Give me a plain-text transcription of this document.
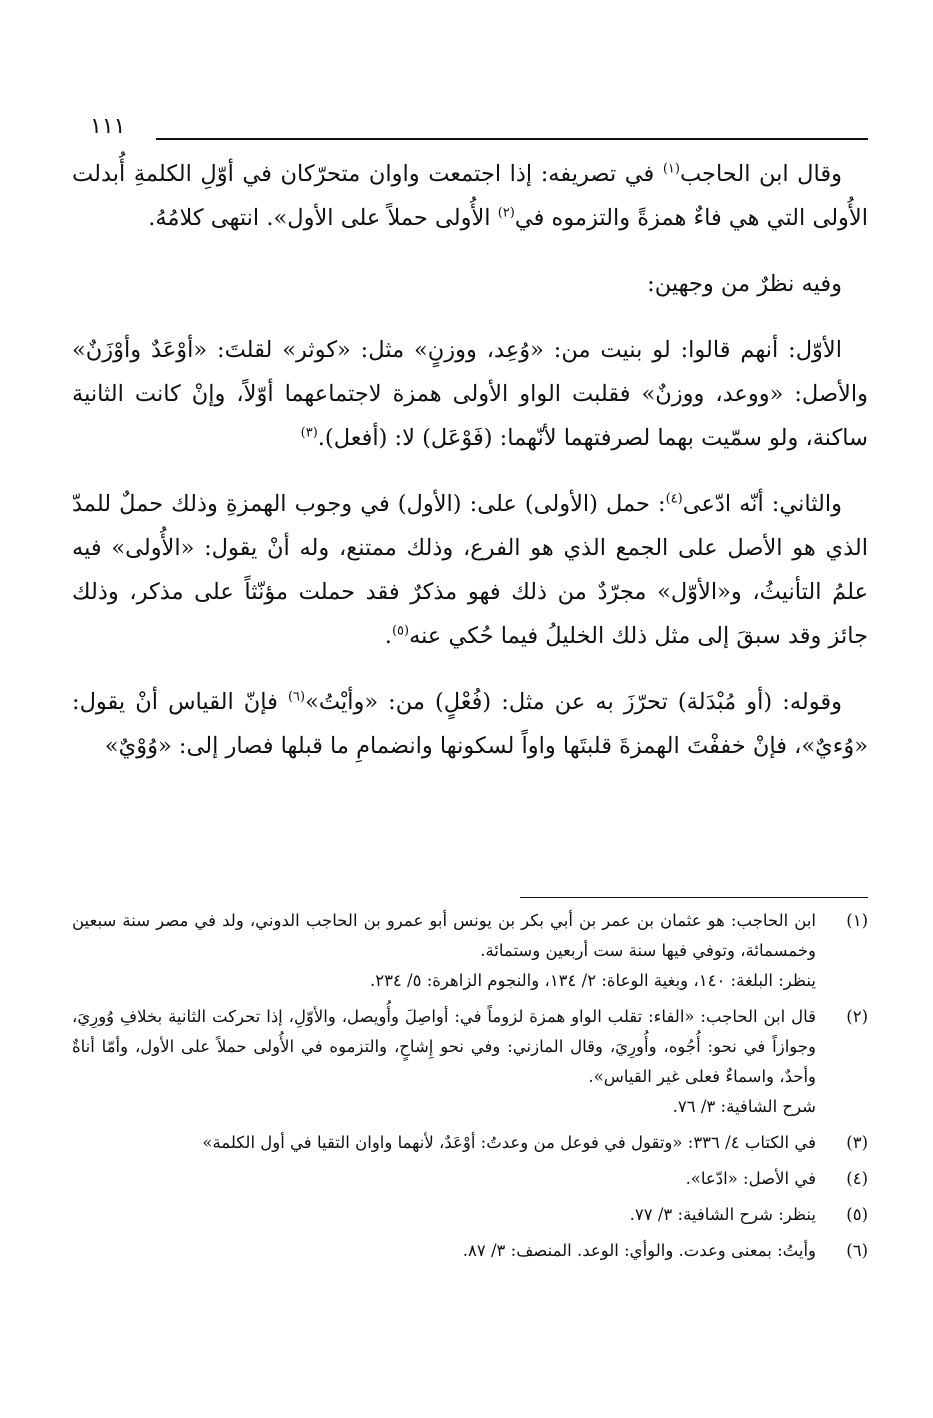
١١١

وقال ابن الحاجب$^{(١)}$ في تصريفه: إذا اجتمعت واوان متحرّكان في أوّلِ الكلمةِ أُبدلت الأُولى التي هي فاءٌ همزةً والتزموه في$^{(٢)}$ الأُولى حملاً على الأول». انتهى كلامُهُ.

وفيه نظرٌ من وجهين:

الأوّل: أنهم قالوا: لو بنيت من: «وُعِد، ووزنٍ» مثل: «كوثر» لقلتَ: «أوْعَدٌ وأوْزَنٌ» والأصل: «ووعد، ووزنٌ» فقلبت الواو الأولى همزة لاجتماعهما أوّلاً، وإنْ كانت الثانية ساكنة، ولو سمّيت بهما لصرفتهما لأنّهما: (فَوْعَل) لا: (أفعل).$^{(٣)}$

والثاني: أنّه ادّعى$^{(٤)}$: حمل (الأولى) على: (الأول) في وجوب الهمزةِ وذلك حملٌ للمدّ الذي هو الأصل على الجمع الذي هو الفرع، وذلك ممتنع، وله أنْ يقول: «الأُولى» فيه علمُ التأنيثُ، و«الأوّل» مجرّدٌ من ذلك فهو مذكرٌ فقد حملت مؤنّثاً على مذكر، وذلك جائز وقد سبقَ إلى مثل ذلك الخليلُ فيما حُكي عنه$^{(٥)}$.

وقوله: (أو مُبْدَلة) تحرّزَ به عن مثل: (فُعْلٍ) من: «وأيْتُ»$^{(٦)}$ فإنّ القياس أنْ يقول: «وُءيٌ»، فإنْ خففْتَ الهمزةَ قلبتَها واواً لسكونها وانضمامِ ما قبلها فصار إلى: «وُوْيٌ»

(١)
ابن الحاجب: هو عثمان بن عمر بن أبي بكر بن يونس أبو عمرو بن الحاجب الدوني، ولد في مصر سنة سبعين وخمسمائة، وتوفي فيها سنة ست أربعين وستمائة.
ينظر: البلغة: ١٤٠، وبغية الوعاة: ٢/ ١٣٤، والنجوم الزاهرة: ٥/ ٢٣٤.
(٢)
قال ابن الحاجب: «الفاء: تقلب الواو همزة لزوماً في: أواصِلَ وأُويصل، والأوّلِ، إذا تحركت الثانية بخلافِ وُورِيَ، وجوازاً في نحو: أُجُوه، وأُورِيَ، وقال المازني: وفي نحو إِشاحٍ، والتزموه في الأُولى حملاً على الأول، وأمّا أناةٌ وأحدٌ، واسماءٌ فعلى غير القياس».
شرح الشافية: ٣/ ٧٦.
(٣)
في الكتاب ٤/ ٣٣٦: «وتقول في فوعل من وعدتُ: أوْعَدٌ، لأنهما واوان التقيا في أول الكلمة»
(٤)
في الأصل: «ادّعا».
(٥)
ينظر: شرح الشافية: ٣/ ٧٧.
(٦)
وأيتُ: بمعنى وعدت. والوأي: الوعد. المنصف: ٣/ ٨٧.
